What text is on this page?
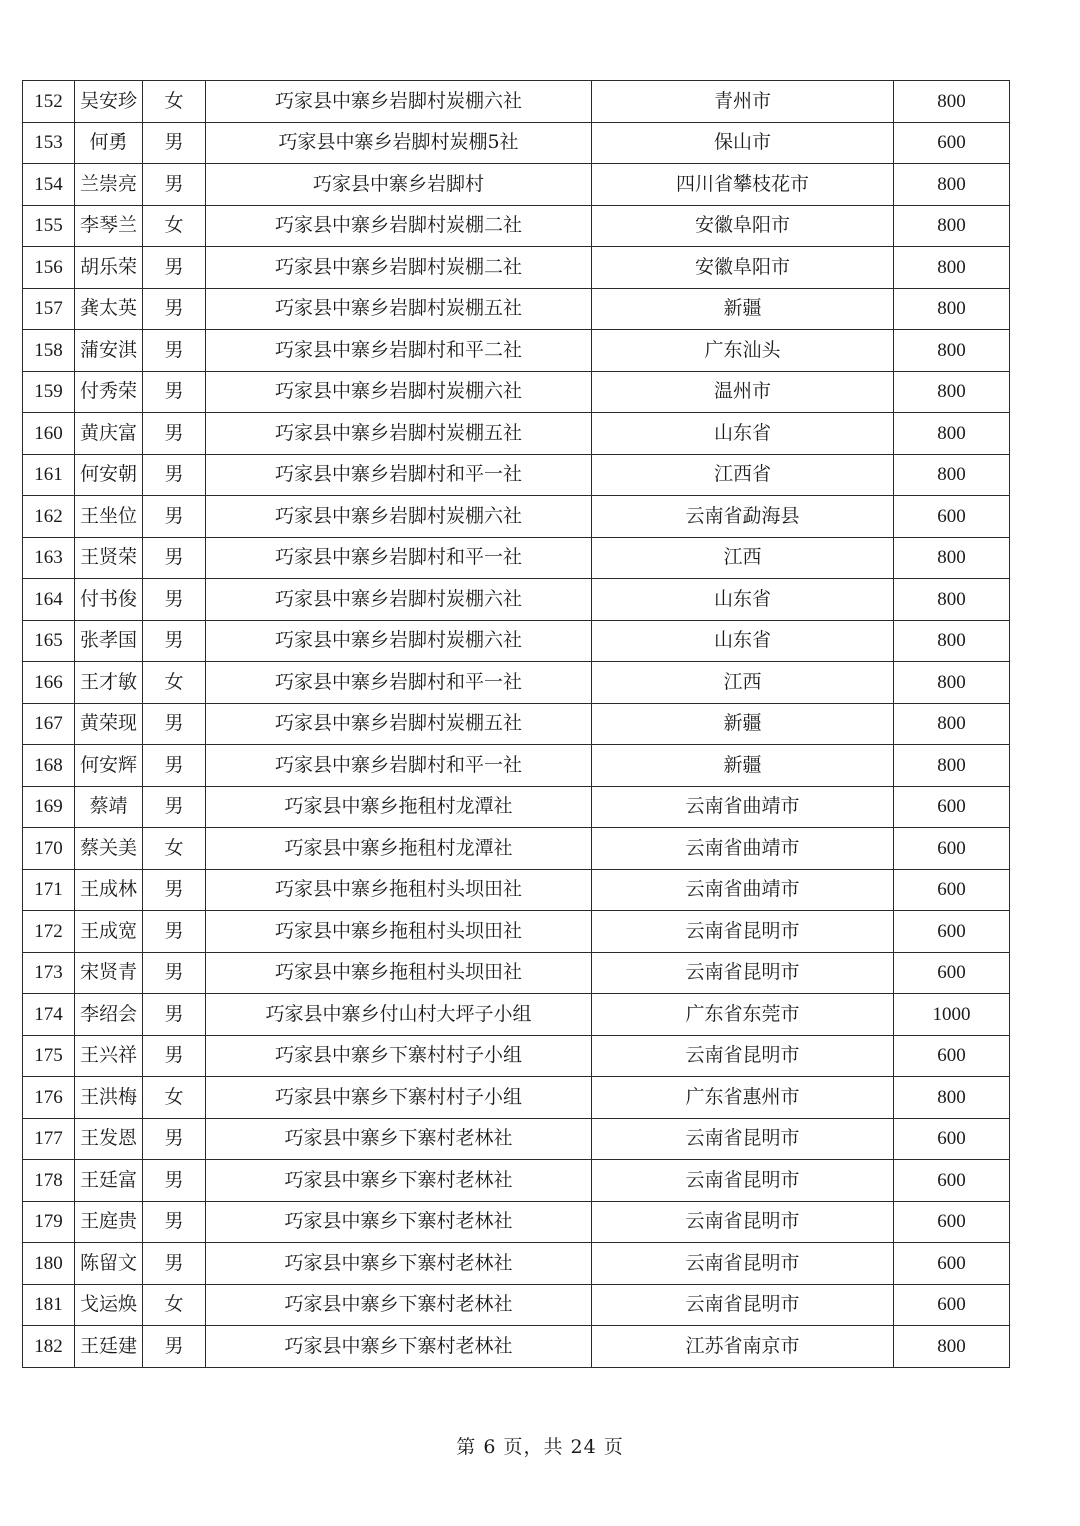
152	吴安珍	女	巧家县中寨乡岩脚村炭棚六社	青州市	800
153	何勇	男	巧家县中寨乡岩脚村炭棚5社	保山市	600
154	兰崇亮	男	巧家县中寨乡岩脚村	四川省攀枝花市	800
155	李琴兰	女	巧家县中寨乡岩脚村炭棚二社	安徽阜阳市	800
156	胡乐荣	男	巧家县中寨乡岩脚村炭棚二社	安徽阜阳市	800
157	龚太英	男	巧家县中寨乡岩脚村炭棚五社	新疆	800
158	蒲安淇	男	巧家县中寨乡岩脚村和平二社	广东汕头	800
159	付秀荣	男	巧家县中寨乡岩脚村炭棚六社	温州市	800
160	黄庆富	男	巧家县中寨乡岩脚村炭棚五社	山东省	800
161	何安朝	男	巧家县中寨乡岩脚村和平一社	江西省	800
162	王坐位	男	巧家县中寨乡岩脚村炭棚六社	云南省勐海县	600
163	王贤荣	男	巧家县中寨乡岩脚村和平一社	江西	800
164	付书俊	男	巧家县中寨乡岩脚村炭棚六社	山东省	800
165	张孝国	男	巧家县中寨乡岩脚村炭棚六社	山东省	800
166	王才敏	女	巧家县中寨乡岩脚村和平一社	江西	800
167	黄荣现	男	巧家县中寨乡岩脚村炭棚五社	新疆	800
168	何安辉	男	巧家县中寨乡岩脚村和平一社	新疆	800
169	蔡靖	男	巧家县中寨乡拖租村龙潭社	云南省曲靖市	600
170	蔡关美	女	巧家县中寨乡拖租村龙潭社	云南省曲靖市	600
171	王成林	男	巧家县中寨乡拖租村头坝田社	云南省曲靖市	600
172	王成宽	男	巧家县中寨乡拖租村头坝田社	云南省昆明市	600
173	宋贤青	男	巧家县中寨乡拖租村头坝田社	云南省昆明市	600
174	李绍会	男	巧家县中寨乡付山村大坪子小组	广东省东莞市	1000
175	王兴祥	男	巧家县中寨乡下寨村村子小组	云南省昆明市	600
176	王洪梅	女	巧家县中寨乡下寨村村子小组	广东省惠州市	800
177	王发恩	男	巧家县中寨乡下寨村老林社	云南省昆明市	600
178	王廷富	男	巧家县中寨乡下寨村老林社	云南省昆明市	600
179	王庭贵	男	巧家县中寨乡下寨村老林社	云南省昆明市	600
180	陈留文	男	巧家县中寨乡下寨村老林社	云南省昆明市	600
181	戈运焕	女	巧家县中寨乡下寨村老林社	云南省昆明市	600
182	王廷建	男	巧家县中寨乡下寨村老林社	江苏省南京市	800
第 6 页，共 24 页
